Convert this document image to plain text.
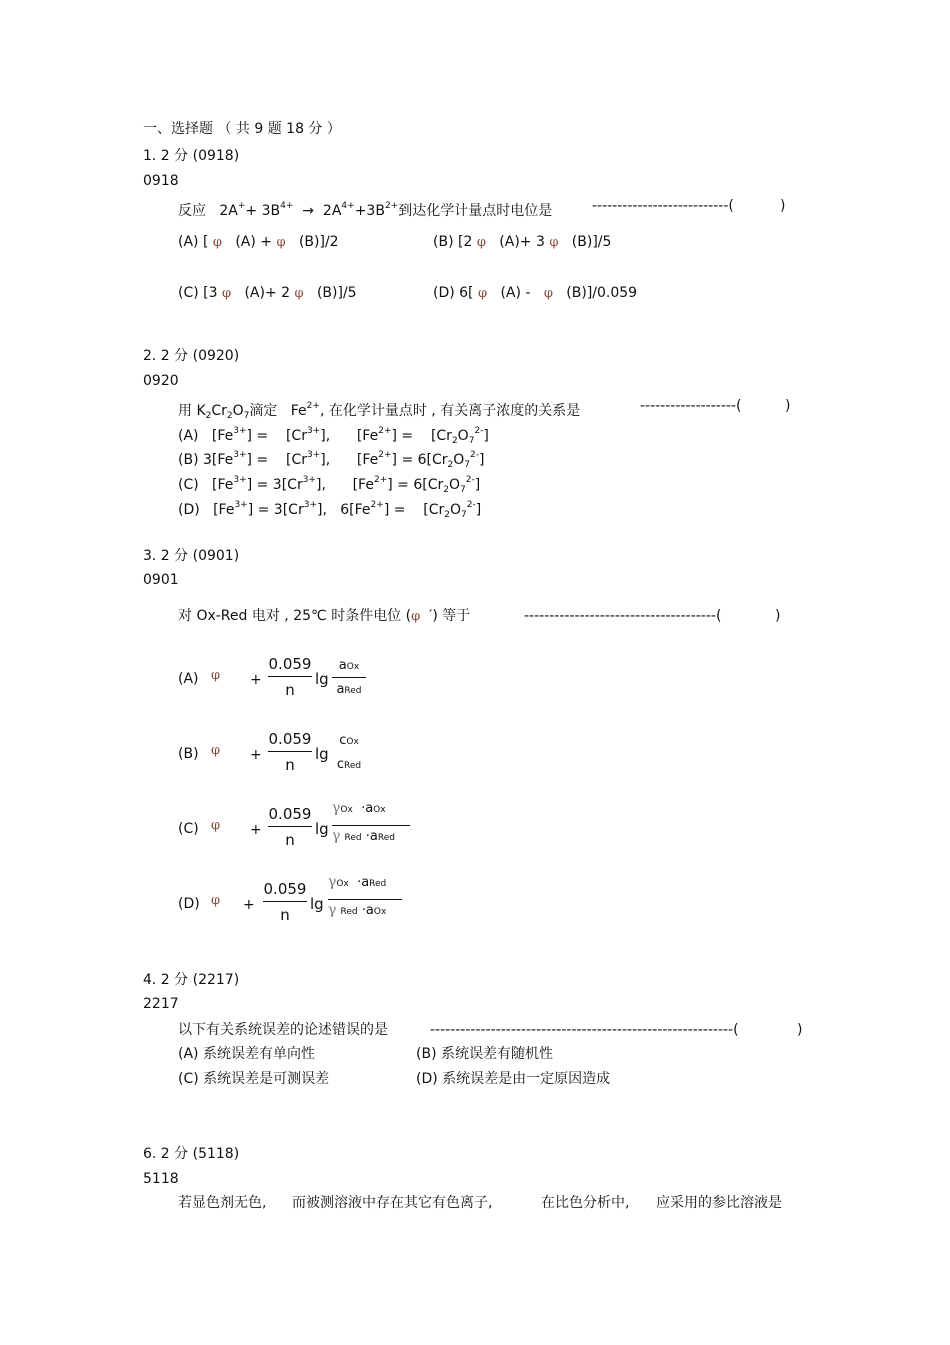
一、选择题 （ 共 9 题 18 分 ）
1. 2 分 (0918)
0918
反应 $2A^++ 3B^{4+} \to 2A^{4+}+3B^{2+}$到达化学计量点时电位是	---------------------------(	)
(A) [ φ (A) + φ (B)]/2	(B) [2 φ (A)+ 3 φ (B)]/5
(C) [3 φ (A)+ 2 φ (B)]/5	(D) 6[ φ (A) - φ (B)]/0.059
2. 2 分 (0920)
0920
用 $K_2Cr_2O_7$滴定 $Fe^{2+}$, 在化学计量点时 , 有关离子浓度的关系是	-------------------(	)
(A)   $[Fe^{3+}]$ =    $[Cr^{3+}]$,      $[Fe^{2+}]$ =    $[Cr_2O_7^{2-}]$
(B) $3[Fe^{3+}]$ =    $[Cr^{3+}]$,      $[Fe^{2+}] = 6[Cr_2O_7^{2-}]$
(C)   $[Fe^{3+}] = 3[Cr^{3+}]$,      $[Fe^{2+}] = 6[Cr_2O_7^{2-}]$
(D)   $[Fe^{3+}] = 3[Cr^{3+}]$,   $6[Fe^{2+}]$ =    $[Cr_2O_7^{2-}]$
3. 2 分 (0901)
0901
对 Ox-Red 电对 , 25℃ 时条件电位 (φ ′) 等于	--------------------------------------(	)
(A) φ +
0.059
n
lg
aOx
aRed
(B) φ +
0.059
n
lg
cOx
cRed
(C) φ +
0.059
n
lg
γOx ·aOx
γ Red ·aRed
(D) φ +
0.059
n
lg
γOx ·aRed
γ Red ·aOx
4. 2 分 (2217)
2217
以下有关系统误差的论述错误的是	------------------------------------------------------------(	)
(A) 系统误差有单向性	(B) 系统误差有随机性
(C) 系统误差是可测误差	(D) 系统误差是由一定原因造成
6. 2 分 (5118)
5118
若显色剂无色, 而被测溶液中存在其它有色离子,	在比色分析中, 应采用的参比溶液是
